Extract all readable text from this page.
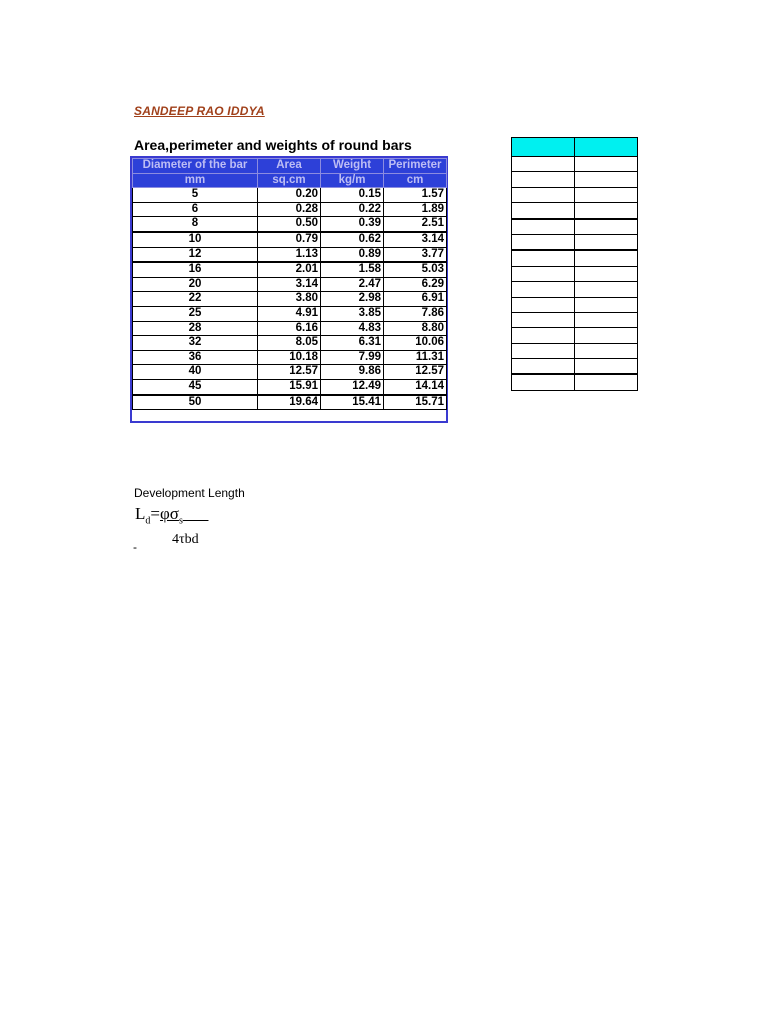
SANDEEP RAO IDDYA
Area,perimeter and weights of round bars
Diameter of the bar	Area	Weight	Perimeter
mm	sq.cm	kg/m	cm
5	0.20	0.15	1.57
6	0.28	0.22	1.89
8	0.50	0.39	2.51
10	0.79	0.62	3.14
12	1.13	0.89	3.77
16	2.01	1.58	5.03
20	3.14	2.47	6.29
22	3.80	2.98	6.91
25	4.91	3.85	7.86
28	6.16	4.83	8.80
32	8.05	6.31	10.06
36	10.18	7.99	11.31
40	12.57	9.86	12.57
45	15.91	12.49	14.14
50	19.64	15.41	15.71

Development Length
$L_d=\varphi\sigma_s\_\_\_$
4τbd
-
